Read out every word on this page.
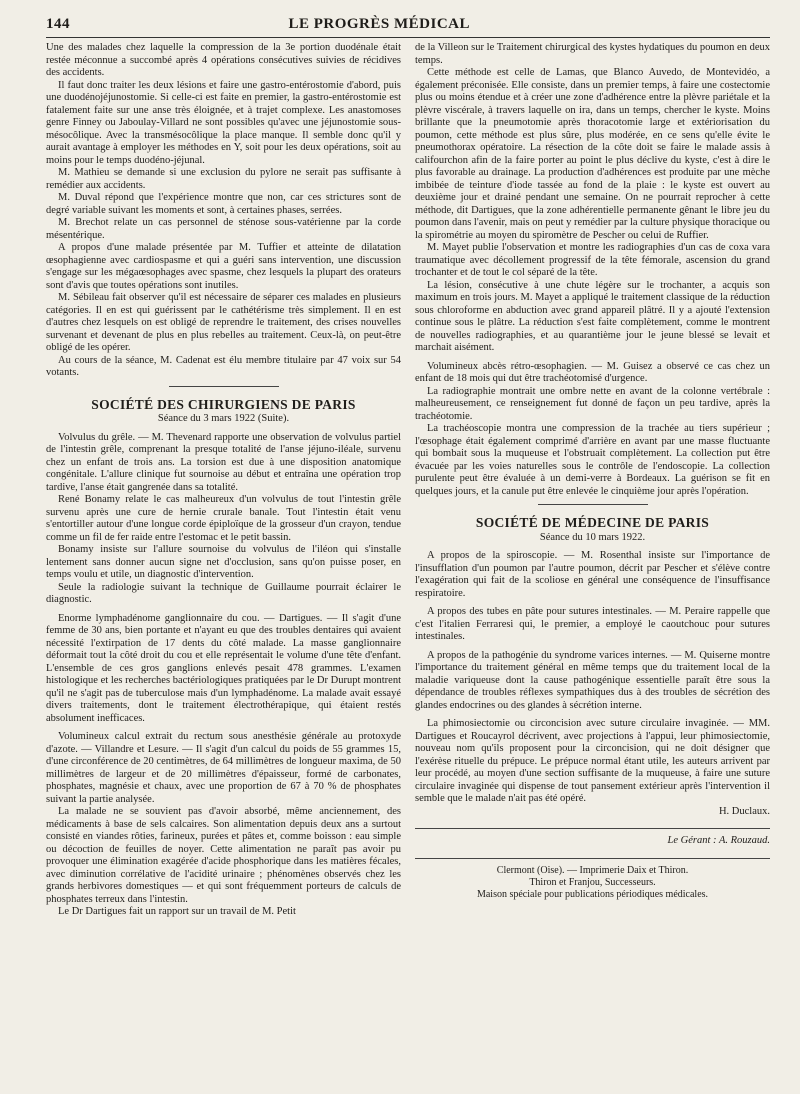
144	LE PROGRÈS MÉDICAL

Une des malades chez laquelle la compression de la 3e portion duodénale était restée méconnue a succombé après 4 opérations consécutives suivies de récidives des accidents.

Il faut donc traiter les deux lésions et faire une gastro-entérostomie d'abord, puis une duodénojéjunostomie. Si celle-ci est faite en premier, la gastro-entérostomie est fatalement faite sur une anse très éloignée, et à trajet complexe. Les anastomoses genre Finney ou Jaboulay-Villard ne sont possibles qu'avec une jéjunostomie sous-mésocôlique. Avec la transmésocôlique la place manque. Il semble donc qu'il y aurait avantage à employer les méthodes en Y, soit pour les deux opérations, soit au moins pour le temps duodéno-jéjunal.

M. Mathieu se demande si une exclusion du pylore ne serait pas suffisante à remédier aux accidents.

M. Duval répond que l'expérience montre que non, car ces strictures sont de degré variable suivant les moments et sont, à certaines phases, serrées.

M. Brechot relate un cas personnel de sténose sous-vatérienne par la corde mésentérique.

A propos d'une malade présentée par M. Tuffier et atteinte de dilatation œsophagienne avec cardiospasme et qui a guéri sans intervention, une discussion s'engage sur les mégaœsophages avec spasme, chez lesquels la plupart des orateurs sont d'avis que toutes opérations sont inutiles.

M. Sébileau fait observer qu'il est nécessaire de séparer ces malades en plusieurs catégories. Il en est qui guérissent par le cathétérisme très simplement. Il en est d'autres chez lesquels on est obligé de reprendre le traitement, des crises nouvelles survenant et devenant de plus en plus rebelles au traitement. Ceux-là, on peut-être obligé de les opérer.

Au cours de la séance, M. Cadenat est élu membre titulaire par 47 voix sur 54 votants.

SOCIÉTÉ DES CHIRURGIENS DE PARIS
Séance du 3 mars 1922 (Suite).

Volvulus du grêle. — M. Thevenard rapporte une observation de volvulus partiel de l'intestin grêle, comprenant la presque totalité de l'anse jéjuno-iléale, survenu chez un enfant de trois ans. La torsion est due à une disposition anatomique congénitale. L'allure clinique fut sournoise au début et entraîna une opération trop tardive, l'anse était gangrenée dans sa totalité.

René Bonamy relate le cas malheureux d'un volvulus de tout l'intestin grêle survenu après une cure de hernie crurale banale. Tout l'intestin était venu s'entortiller autour d'une longue corde épiploïque de la grosseur d'un crayon, tendue comme un fil de fer raide entre l'estomac et le petit bassin.

Bonamy insiste sur l'allure sournoise du volvulus de l'iléon qui s'installe lentement sans donner aucun signe net d'occlusion, sans qu'on puisse poser, en temps voulu et utile, un diagnostic d'intervention.

Seule la radiologie suivant la technique de Guillaume pourrait éclairer le diagnostic.

Enorme lymphadénome ganglionnaire du cou. — Dartigues. — Il s'agit d'une femme de 30 ans, bien portante et n'ayant eu que des troubles dentaires qui avaient nécessité l'extirpation de 17 dents du côté malade. La masse ganglionnaire déformait tout la côté droit du cou et elle représentait le volume d'une tête d'enfant. L'ensemble de ces gros ganglions enlevés pesait 478 grammes. L'examen histologique et les recherches bactériologiques pratiquées par le Dr Durupt montrent qu'il ne s'agit pas de tuberculose mais d'un lymphadénome. La malade avait essayé divers traitements, dont le traitement électrothérapique, qui étaient restés absolument inefficaces.

Volumineux calcul extrait du rectum sous anesthésie générale au protoxyde d'azote. — Villandre et Lesure. — Il s'agit d'un calcul du poids de 55 grammes 15, d'une circonférence de 20 centimètres, de 64 millimètres de longueur maxima, de 50 millimètres de largeur et de 20 millimètres d'épaisseur, formé de carbonates, phosphates, magnésie et chaux, avec une proportion de 67 à 70 % de phosphates suivant la partie analysée.

La malade ne se souvient pas d'avoir absorbé, même anciennement, des médicaments à base de sels calcaires. Son alimentation depuis deux ans a surtout consisté en viandes rôties, farineux, purées et pâtes et, comme boisson : eau simple ou décoction de feuilles de noyer. Cette alimentation ne paraît pas avoir pu provoquer une élimination exagérée d'acide phosphorique dans les matières fécales, avec diminution corrélative de l'acidité urinaire ; phénomènes observés chez les grands herbivores domestiques — et qui sont fréquemment porteurs de calculs de phosphates terreux dans l'intestin.

Le Dr Dartigues fait un rapport sur un travail de M. Petit

de la Villeon sur le Traitement chirurgical des kystes hydatiques du poumon en deux temps.

Cette méthode est celle de Lamas, que Blanco Auvedo, de Montevidéo, a également préconisée. Elle consiste, dans un premier temps, à faire une costectomie plus ou moins étendue et à créer une zone d'adhérence entre la plèvre pariétale et la plèvre viscérale, à travers laquelle on ira, dans un temps, chercher le kyste. Moins brillante que la pneumotomie après thoracotomie large et extériorisation du poumon, cette méthode est plus sûre, plus modérée, en ce sens qu'elle évite le pneumothorax opératoire. La résection de la côte doit se faire le malade assis à califourchon afin de la faire porter au point le plus déclive du kyste, c'est à dire le plus favorable au drainage. La production d'adhérences est produite par une mèche imbibée de teinture d'iode tassée au fond de la plaie : le kyste est ouvert au deuxième jour et drainé pendant une semaine. On ne pourrait reprocher à cette méthode, dit Dartigues, que la zone adhérentielle permanente gênant le libre jeu du poumon dans l'avenir, mais on peut y remédier par la culture physique thoracique ou la spirométrie au moyen du spiromètre de Pescher ou celui de Ruffier.

M. Mayet publie l'observation et montre les radiographies d'un cas de coxa vara traumatique avec décollement progressif de la tête fémorale, ascension du grand trochanter et de tout le col séparé de la tête.

La lésion, consécutive à une chute légère sur le trochanter, a acquis son maximum en trois jours. M. Mayet a appliqué le traitement classique de la réduction sous chloroforme en abduction avec grand appareil plâtré. Il y a ajouté l'extension continue sous le plâtre. La réduction s'est faite complètement, comme le montrent de nouvelles radiographies, et au quarantième jour le jeune blessé se levait et marchait aisément.

Volumineux abcès rétro-œsophagien. — M. Guisez a observé ce cas chez un enfant de 18 mois qui dut être trachéotomisé d'urgence.

La radiographie montrait une ombre nette en avant de la colonne vertébrale : malheureusement, ce renseignement fut donné de façon un peu tardive, après la trachéotomie.

La trachéoscopie montra une compression de la trachée au tiers supérieur ; l'œsophage était également comprimé d'arrière en avant par une masse fluctuante qui bombait sous la muqueuse et l'obstruait complètement. La collection put être évacuée par les voies naturelles sous le contrôle de l'endoscopie. La collection purulente peut être évaluée à un demi-verre à Bordeaux. La guérison se fit en quelques jours, et la canule put être enlevée le cinquième jour après l'opération.

SOCIÉTÉ DE MÉDECINE DE PARIS
Séance du 10 mars 1922.

A propos de la spiroscopie. — M. Rosenthal insiste sur l'importance de l'insufflation d'un poumon par l'autre poumon, décrit par Pescher et s'élève contre l'exagération qui fait de la scoliose en général une conséquence de l'insuffisance respiratoire.

A propos des tubes en pâte pour sutures intestinales. — M. Peraire rappelle que c'est l'italien Ferraresi qui, le premier, a employé le caoutchouc pour sutures intestinales.

A propos de la pathogénie du syndrome varices internes. — M. Quiserne montre l'importance du traitement général en même temps que du traitement local de la maladie variqueuse dont la cause pathogénique essentielle paraît être sous la dépendance de troubles réflexes sympathiques dus à des troubles de sécrétion des glandes endocrines ou des glandes à sécrétion interne.

La phimosiectomie ou circoncision avec suture circulaire invaginée. — MM. Dartigues et Roucayrol décrivent, avec projections à l'appui, leur phimosiectomie, nouveau nom qu'ils proposent pour la circoncision, qui ne doit désigner que l'exérèse rituelle du prépuce. Le prépuce normal étant utile, les auteurs arrivent par leur procédé, au moyen d'une section suffisante de la muqueuse, à faire une suture circulaire invaginée qui dispense de tout pansement extérieur après l'intervention il semble que le malade n'ait pas été opéré.

H. Duclaux.
Le Gérant : A. Rouzaud.
Clermont (Oise). — Imprimerie Daix et Thiron.
Thiron et Franjou, Successeurs.
Maison spéciale pour publications périodiques médicales.
